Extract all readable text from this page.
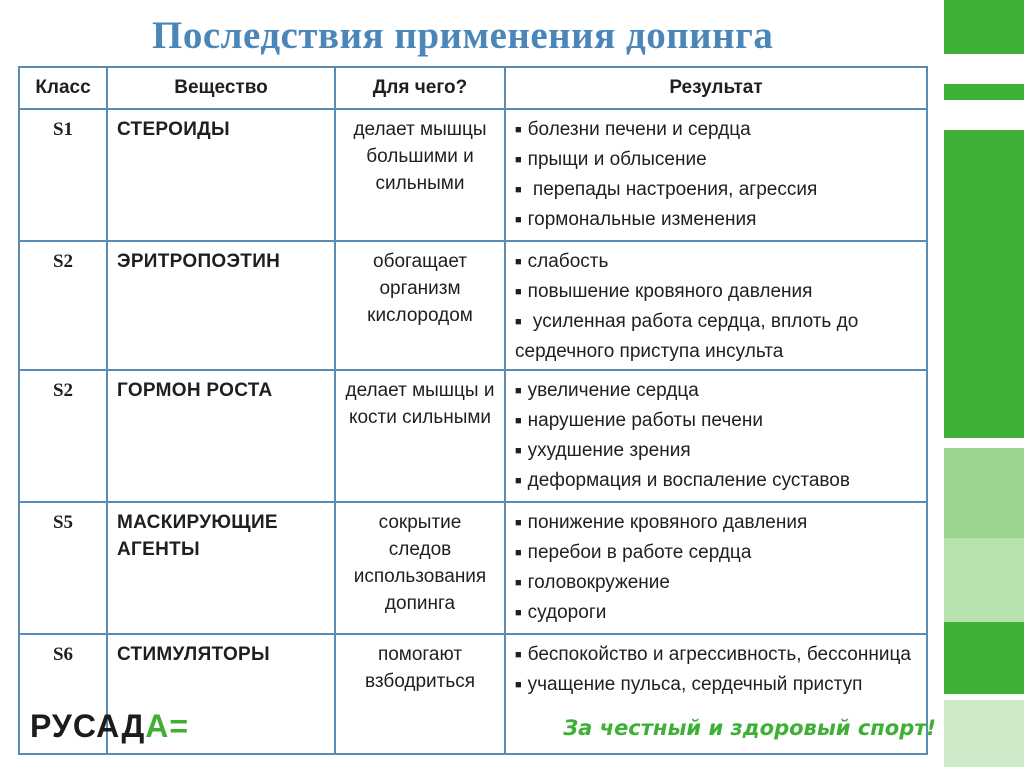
Последствия применения допинга
Класс	Вещество	Для чего?	Результат
S1	СТЕРОИДЫ	делает мышцы большими и сильными	■ болезни печени и сердца
■ прыщи и облысение
■ перепады настроения, агрессия
■ гормональные изменения

S2	ЭРИТРОПОЭТИН	обогащает организм кислородом	■ слабость
■ повышение кровяного давления
■ усиленная работа сердца, вплоть до сердечного приступа инсульта

S2	ГОРМОН РОСТА	делает мышцы и кости сильными	■ увеличение сердца
■ нарушение работы печени
■ ухудшение зрения
■ деформация и воспаление суставов

S5	МАСКИРУЮЩИЕ АГЕНТЫ	сокрытие следов использования допинга	■ понижение кровяного давления
■ перебои в работе сердца
■ головокружение
■ судороги

S6	СТИМУЛЯТОРЫ	помогают взбодриться	■ беспокойство и агрессивность, бессонница
■ учащение пульса, сердечный приступ
РУСАДА=	За честный и здоровый спорт!
